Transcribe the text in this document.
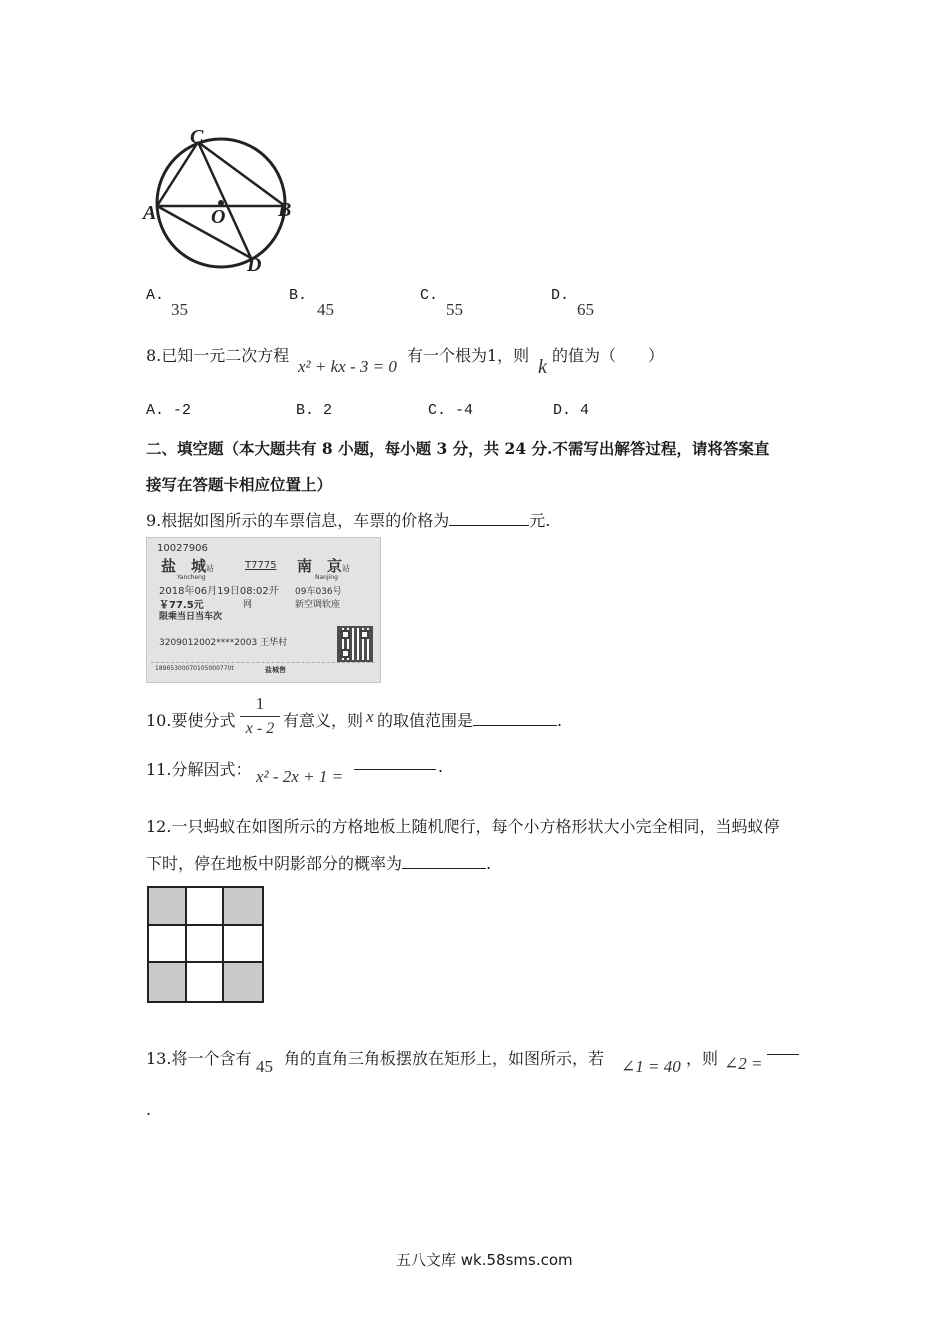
C
A	B
O
D
A.
35
B.
45
C.
55
D.
65
8.已知一元二次方程
x² + kx - 3 = 0
有一个根为1，则
k
的值为（　　）
A. -2	B. 2	C. -4	D. 4
二、填空题（本大题共有 8 小题，每小题 3 分，共 24 分.不需写出解答过程，请将答案直
接写在答题卡相应位置上）
9.根据如图所示的车票信息，车票的价格为	元.
10027906
盐　城站
Yancheng
T7775 南　京站
Nanjing
2018年06月19日08:02开 09车036号
￥77.5元	网	新空调软座
限乘当日当车次
3209012002****2003 王华村
18965300070105000770t	盐城售
10.要使分式
1
x - 2 有意义，则 x 的取值范围是	.
11.分解因式： x² - 2x + 1 =
.
12.一只蚂蚁在如图所示的方格地板上随机爬行，每个小方格形状大小完全相同，当蚂蚁停
下时，停在地板中阴影部分的概率为	.
13.将一个含有 45 角的直角三角板摆放在矩形上，如图所示，若 ∠1 = 40 ，则 ∠2 =
.
五八文库 wk.58sms.com
